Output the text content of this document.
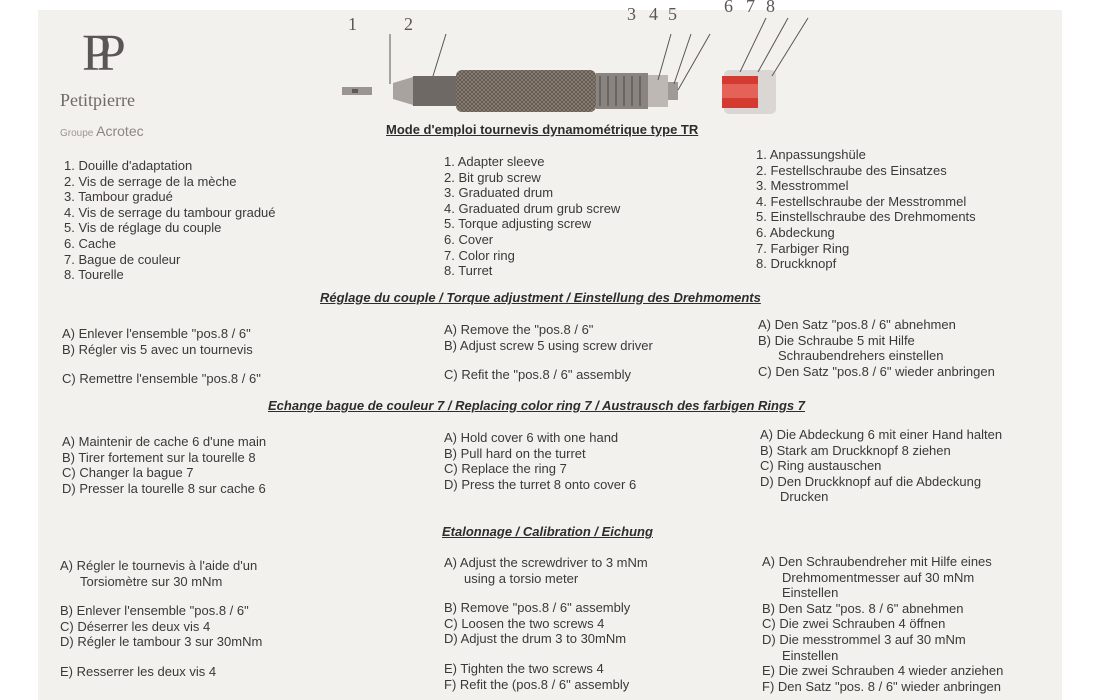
PP
Petitpierre
Groupe Acrotec
1	2	3 4 5	6 7 8
Mode d'emploi tournevis dynamométrique type TR
1. Douille d'adaptation
2. Vis de serrage de la mèche
3. Tambour gradué
4. Vis de serrage du tambour gradué
5. Vis de réglage du couple
6. Cache
7. Bague de couleur
8. Tourelle
1. Adapter sleeve
2. Bit grub screw
3. Graduated drum
4. Graduated drum grub screw
5. Torque adjusting screw
6. Cover
7. Color ring
8. Turret
1. Anpassungshüle
2. Festellschraube des Einsatzes
3. Messtrommel
4. Festellschraube der Messtrommel
5. Einstellschraube des Drehmoments
6. Abdeckung
7. Farbiger Ring
8. Druckknopf
Réglage du couple / Torque adjustment / Einstellung des Drehmoments
A) Enlever l'ensemble "pos.8 / 6"
B) Régler vis 5 avec un tournevis
C) Remettre l'ensemble "pos.8 / 6"
A) Remove the "pos.8 / 6"
B) Adjust screw 5 using screw driver
C) Refit the "pos.8 / 6" assembly
A) Den Satz "pos.8 / 6" abnehmen
B) Die Schraube 5 mit Hilfe
Schraubendrehers einstellen
C) Den Satz "pos.8 / 6" wieder anbringen
Echange bague de couleur 7 / Replacing color ring 7 / Austrausch des farbigen Rings 7
A) Maintenir de cache 6 d'une main
B) Tirer fortement sur la tourelle 8
C) Changer la bague 7
D) Presser la tourelle 8 sur cache 6
A) Hold cover 6 with one hand
B) Pull hard on the turret
C) Replace the ring 7
D) Press the turret 8 onto cover 6
A) Die Abdeckung 6 mit einer Hand halten
B) Stark am Druckknopf 8 ziehen
C) Ring austauschen
D) Den Druckknopf auf die Abdeckung
Drucken
Etalonnage / Calibration / Eichung
A) Régler le tournevis à l'aide d'un
Torsiomètre sur 30 mNm
B) Enlever l'ensemble "pos.8 / 6"
C) Déserrer les deux vis 4
D) Régler le tambour 3 sur 30mNm
E) Resserrer les deux vis 4
A) Adjust the screwdriver to 3 mNm
using a torsio meter
B) Remove "pos.8 / 6" assembly
C) Loosen the two screws 4
D) Adjust the drum 3 to 30mNm
E) Tighten the two screws 4
F) Refit the (pos.8 / 6" assembly
A) Den Schraubendreher mit Hilfe eines
Drehmomentmesser auf 30 mNm
Einstellen
B) Den Satz "pos. 8 / 6" abnehmen
C) Die zwei Schrauben 4 öffnen
D) Die messtrommel 3 auf 30 mNm
Einstellen
E) Die zwei Schrauben 4 wieder anziehen
F) Den Satz "pos. 8 / 6" wieder anbringen
